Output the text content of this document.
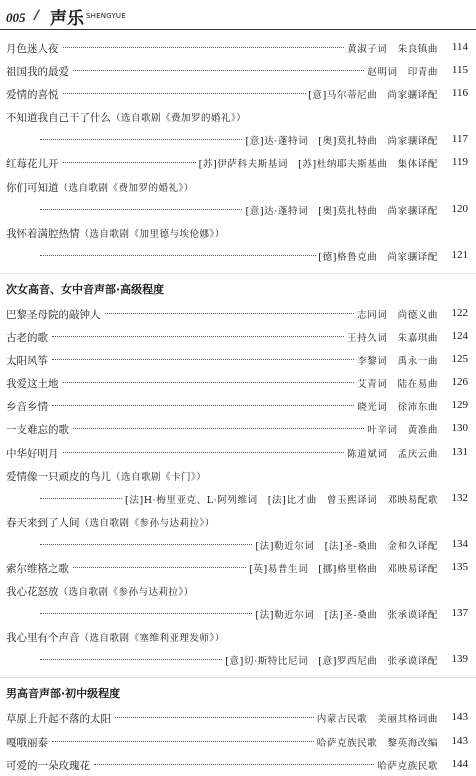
005 // 声乐 SHENGYUE
月色迷人夜	黄淑子词　朱良镇曲	114
祖国我的最爱	赵明词　印青曲	115
爱情的喜悦	[意]马尔蒂尼曲　尚家骧译配	116
不知道我自己干了什么（选自歌剧《费加罗的婚礼》）
[意]达·蓬特词　[奥]莫扎特曲　尚家骧译配	117
红莓花儿开	[苏]伊萨科夫斯基词　[苏]杜纳耶夫斯基曲　集体译配	119
你们可知道（选自歌剧《费加罗的婚礼》）
[意]达·蓬特词　[奥]莫扎特曲　尚家骧译配	120
我怀着满腔热情（选自歌剧《加里德与埃伦娜》）
[德]格鲁克曲　尚家骧译配	121
次女高音、女中音声部·高级程度
巴黎圣母院的敲钟人	志同词　尚德义曲	122
古老的歌	王持久词　朱嘉琪曲	124
太阳风筝	李黎词　禹永一曲	125
我爱这土地	艾青词　陆在易曲	126
乡音乡情	晓光词　徐沛东曲	129
一支难忘的歌	叶辛词　黄准曲	130
中华好明月	陈道斌词　孟庆云曲	131
爱情像一只顽皮的鸟儿（选自歌剧《卡门》）
[法]H·梅里亚克、L·阿列维词　[法]比才曲　曾玉熙译词　邓映易配歌	132
春天来到了人间（选自歌剧《参孙与达莉拉》）
[法]勒近尔词　[法]圣-桑曲　金和久译配	134
索尔维格之歌	[英]易普生词　[挪]格里格曲　邓映易译配	135
我心花怒放（选自歌剧《参孙与达莉拉》）
[法]勒近尔词　[法]圣-桑曲　张承谟译配	137
我心里有个声音（选自歌剧《塞维利亚理发师》）
[意]切·斯特比尼词　[意]罗西尼曲　张承谟译配	139
男高音声部·初中级程度
草原上升起不落的太阳	内蒙古民歌　美丽其格词曲	143
嘎哦丽泰	哈萨克族民歌　黎英海改编	143
可爱的一朵玫瑰花	哈萨克族民歌	144
